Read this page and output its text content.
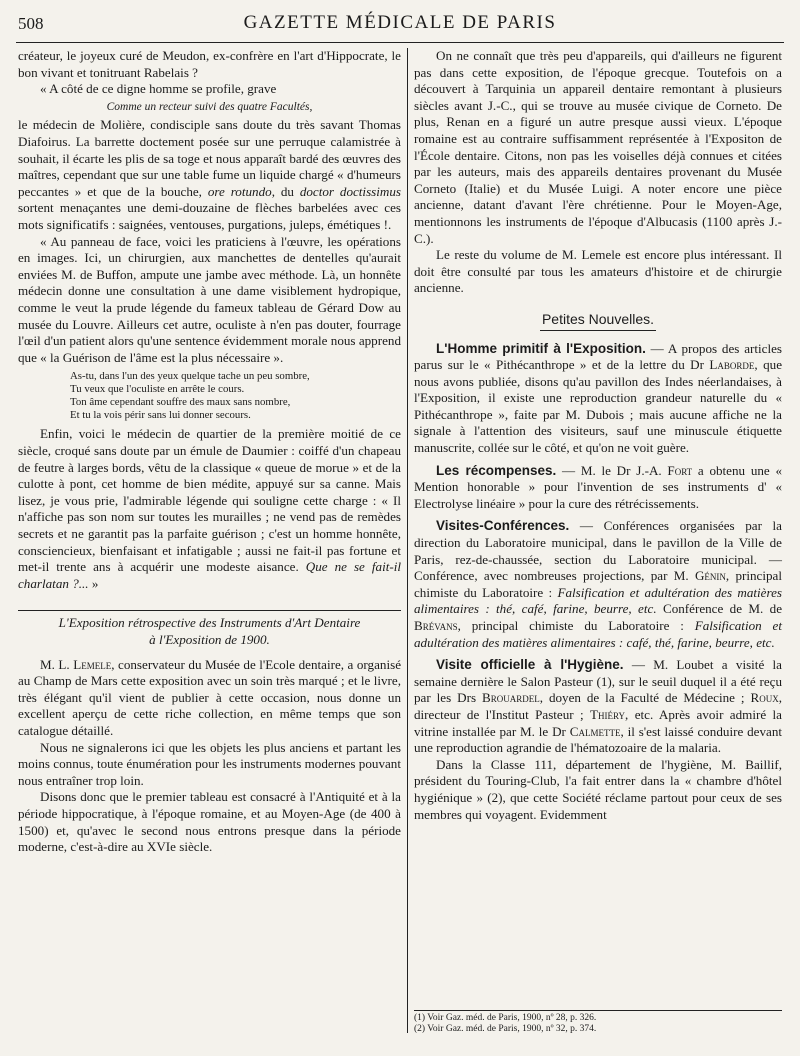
508	GAZETTE MÉDICALE DE PARIS

créateur, le joyeux curé de Meudon, ex-confrère en l'art d'Hippocrate, le bon vivant et tonitruant Rabelais ?

« A côté de ce digne homme se profile, grave

Comme un recteur suivi des quatre Facultés,

le médecin de Molière, condisciple sans doute du très savant Thomas Diafoirus. La barrette doctement posée sur une perruque calamistrée à souhait, il écarte les plis de sa toge et nous apparaît bardé des œuvres des maîtres, cependant que sur une table fume un liquide chargé « d'humeurs peccantes » et que de la bouche, ore rotundo, du doctor doctissimus sortent menaçantes une demi-douzaine de flèches barbelées avec ces mots significatifs : saignées, ventouses, purgations, juleps, émétiques !.

« Au panneau de face, voici les praticiens à l'œuvre, les opérations en images. Ici, un chirurgien, aux manchettes de dentelles qu'aurait enviées M. de Buffon, ampute une jambe avec méthode. Là, un honnête médecin donne une consultation à une dame visiblement hydropique, comme le veut la prude légende du fameux tableau de Gérard Dow au musée du Louvre. Ailleurs cet autre, oculiste à n'en pas douter, fourrage l'œil d'un patient alors qu'une sentence évidemment morale nous apprend que « la Guérison de l'âme est la plus nécessaire ».

As-tu, dans l'un des yeux quelque tache un peu sombre,
Tu veux que l'oculiste en arrête le cours.
Ton âme cependant souffre des maux sans nombre,
Et tu la vois périr sans lui donner secours.

Enfin, voici le médecin de quartier de la première moitié de ce siècle, croqué sans doute par un émule de Daumier : coiffé d'un chapeau de feutre à larges bords, vêtu de la classique « queue de morue » et de la culotte à pont, cet homme de bien médite, appuyé sur sa canne. Mais lisez, je vous prie, l'admirable légende qui souligne cette charge : « Il n'affiche pas son nom sur toutes les murailles ; ne vend pas de remèdes secrets et ne garantit pas la parfaite guérison ; c'est un homme honnête, consciencieux, bienfaisant et infatigable ; aussi ne fait-il pas fortune et met-il trente ans à acquérir une modeste aisance. Que ne se fait-il charlatan ?... »

L'Exposition rétrospective des Instruments d'Art Dentaire
à l'Exposition de 1900.

M. L. Lemele, conservateur du Musée de l'Ecole dentaire, a organisé au Champ de Mars cette exposition avec un soin très marqué ; et le livre, très élégant qu'il vient de publier à cette occasion, nous donne un excellent aperçu de cette riche collection, en même temps que son catalogue détaillé.

Nous ne signalerons ici que les objets les plus anciens et partant les moins connus, toute énumération pour les instruments modernes pouvant nous entraîner trop loin.

Disons donc que le premier tableau est consacré à l'Antiquité et à la période hippocratique, à l'époque romaine, et au Moyen-Age (de 400 à 1500) et, qu'avec le second nous entrons presque dans la période moderne, c'est-à-dire au XVIe siècle.

On ne connaît que très peu d'appareils, qui d'ailleurs ne figurent pas dans cette exposition, de l'époque grecque. Toutefois on a découvert à Tarquinia un appareil dentaire remontant à plusieurs siècles avant J.-C., qui se trouve au musée civique de Corneto. De plus, Renan en a figuré un autre presque aussi vieux. L'époque romaine est au contraire suffisamment représentée à l'Expositon de l'École dentaire. Citons, non pas les voiselles déjà connues et citées par les auteurs, mais des appareils dentaires provenant du Musée Corneto (Italie) et du Musée Luigi. A noter encore une pièce ancienne, datant d'avant l'ère chrétienne. Pour le Moyen-Age, mentionnons les instruments de l'époque d'Albucasis (1100 après J.-C.).

Le reste du volume de M. Lemele est encore plus intéressant. Il doit être consulté par tous les amateurs d'histoire et de chirurgie ancienne.

Petites Nouvelles.

L'Homme primitif à l'Exposition. — A propos des articles parus sur le « Pithécanthrope » et de la lettre du Dr Laborde, que nous avons publiée, disons qu'au pavillon des Indes néerlandaises, à l'Exposition, il existe une reproduction grandeur naturelle du « Pithécanthrope », faite par M. Dubois ; mais aucune affiche ne la signale à l'attention des visiteurs, sauf une minuscule étiquette manuscrite, collée sur le côté, et qu'on ne voit guère.

Les récompenses. — M. le Dr J.-A. Fort a obtenu une « Mention honorable » pour l'invention de ses instruments d' « Electrolyse linéaire » pour la cure des rétrécissements.

Visites-Conférences. — Conférences organisées par la direction du Laboratoire municipal, dans le pavillon de la Ville de Paris, rez-de-chaussée, section du Laboratoire municipal. — Conférence, avec nombreuses projections, par M. Génin, principal chimiste du Laboratoire : Falsification et adultération des matières alimentaires : thé, café, farine, beurre, etc. Conférence de M. de Brévans, principal chimiste du Laboratoire : Falsification et adultération des matières alimentaires : café, thé, farine, beurre, etc.

Visite officielle à l'Hygiène. — M. Loubet a visité la semaine dernière le Salon Pasteur (1), sur le seuil duquel il a été reçu par les Drs Brouardel, doyen de la Faculté de Médecine ; Roux, directeur de l'Institut Pasteur ; Thiéry, etc. Après avoir admiré la vitrine installée par M. le Dr Calmette, il s'est laissé conduire devant une reproduction agrandie de l'hématozoaire de la malaria.

Dans la Classe 111, département de l'hygiène, M. Baillif, président du Touring-Club, l'a fait entrer dans la « chambre d'hôtel hygiénique » (2), que cette Société réclame partout pour ceux de ses membres qui voyagent. Evidemment

(1) Voir Gaz. méd. de Paris, 1900, nº 28, p. 326.
(2) Voir Gaz. méd. de Paris, 1900, nº 32, p. 374.
